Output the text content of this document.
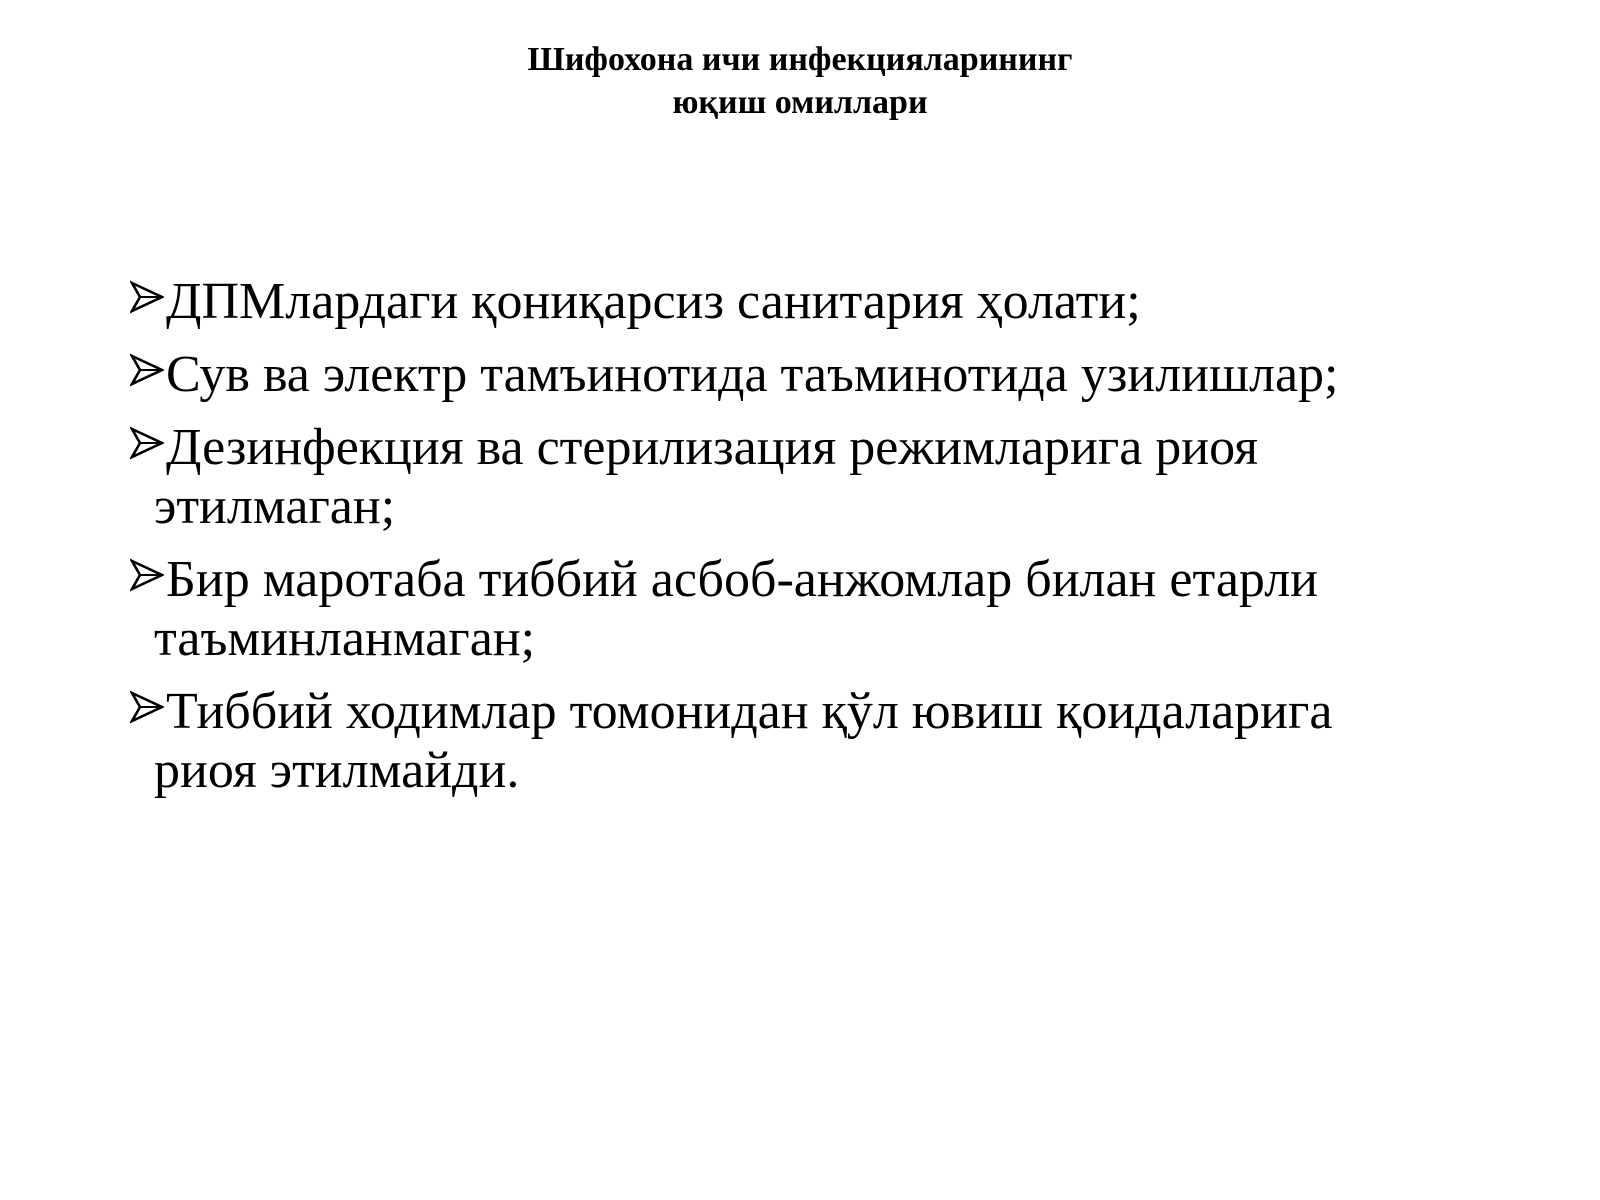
Шифохона ичи инфекцияларининг
юқиш омиллари
ДПМлардаги қониқарсиз санитария ҳолати;
Сув ва электр тамъинотида таъминотида узилишлар;
Дезинфекция ва стерилизация режимларига риоя
этилмаган;
Бир маротаба тиббий асбоб-анжомлар билан етарли
таъминланмаган;
Тиббий ходимлар томонидан қўл ювиш қоидаларига
риоя этилмайди.
